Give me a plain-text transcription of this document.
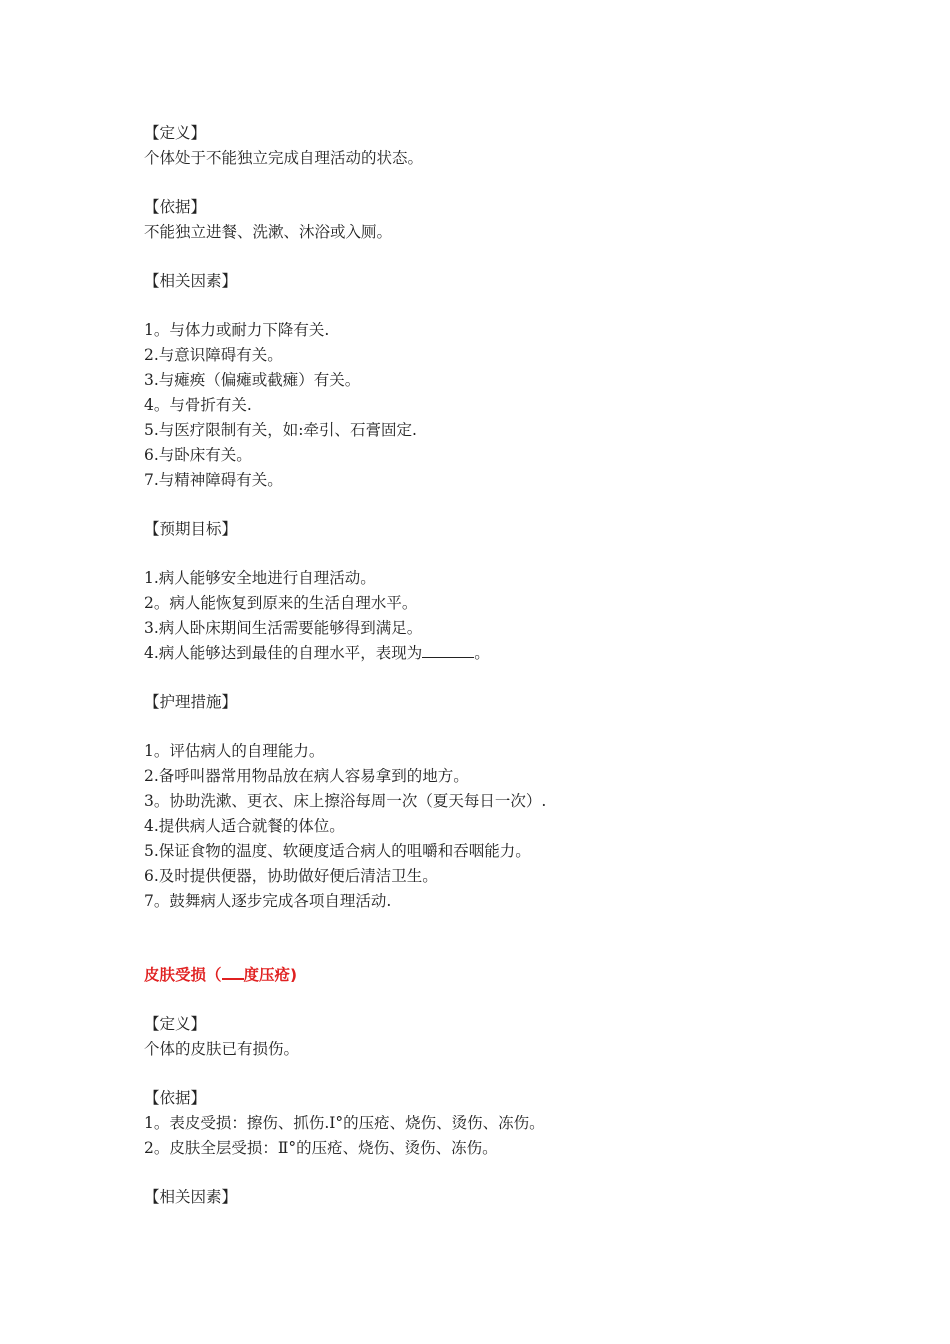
【定义】
个体处于不能独立完成自理活动的状态。
【依据】
不能独立进餐、洗漱、沐浴或入厕。
【相关因素】
1。与体力或耐力下降有关.
2.与意识障碍有关。
3.与瘫痪（偏瘫或截瘫）有关。
4。与骨折有关.
5.与医疗限制有关，如:牵引、石膏固定.
6.与卧床有关。
7.与精神障碍有关。
【预期目标】
1.病人能够安全地进行自理活动。
2。病人能恢复到原来的生活自理水平。
3.病人卧床期间生活需要能够得到满足。
4.病人能够达到最佳的自理水平，表现为	。
【护理措施】
1。评估病人的自理能力。
2.备呼叫器常用物品放在病人容易拿到的地方。
3。协助洗漱、更衣、床上擦浴每周一次（夏天每日一次）.
4.提供病人适合就餐的体位。
5.保证食物的温度、软硬度适合病人的咀嚼和吞咽能力。
6.及时提供便器，协助做好便后清洁卫生。
7。鼓舞病人逐步完成各项自理活动.
皮肤受损（ 度压疮)
【定义】
个体的皮肤已有损伤。
【依据】
1。表皮受损：擦伤、抓伤.Ⅰ°的压疮、烧伤、烫伤、冻伤。
2。皮肤全层受损：Ⅱ°的压疮、烧伤、烫伤、冻伤。
【相关因素】
